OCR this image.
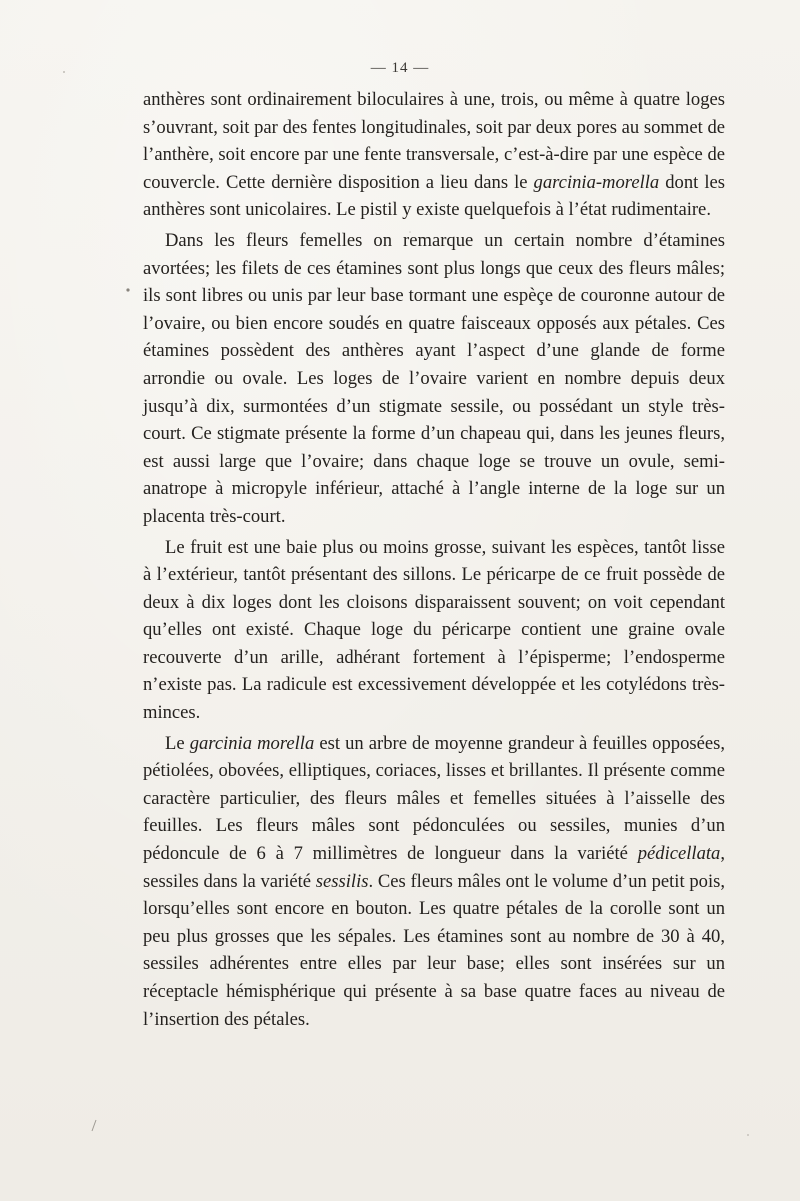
— 14 —

anthères sont ordinairement biloculaires à une, trois, ou même à quatre loges s’ouvrant, soit par des fentes longitudinales, soit par deux pores au sommet de l’anthère, soit encore par une fente transversale, c’est-à-dire par une espèce de couvercle. Cette dernière disposition a lieu dans le garcinia-morella dont les anthères sont unicolaires. Le pistil y existe quelquefois à l’état rudimentaire.

Dans les fleurs femelles on remarque un certain nombre d’étamines avortées; les filets de ces étamines sont plus longs que ceux des fleurs mâles; ils sont libres ou unis par leur base tormant une espèçe de couronne autour de l’ovaire, ou bien encore soudés en quatre faisceaux opposés aux pétales. Ces étamines possèdent des anthères ayant l’aspect d’une glande de forme arrondie ou ovale. Les loges de l’ovaire varient en nombre depuis deux jusqu’à dix, surmontées d’un stigmate sessile, ou possédant un style très-court. Ce stigmate présente la forme d’un chapeau qui, dans les jeunes fleurs, est aussi large que l’ovaire; dans chaque loge se trouve un ovule, semi-anatrope à micropyle inférieur, attaché à l’angle interne de la loge sur un placenta très-court.

Le fruit est une baie plus ou moins grosse, suivant les espèces, tantôt lisse à l’extérieur, tantôt présentant des sillons. Le péricarpe de ce fruit possède de deux à dix loges dont les cloisons disparaissent souvent; on voit cependant qu’elles ont existé. Chaque loge du péricarpe contient une graine ovale recouverte d’un arille, adhérant fortement à l’épisperme; l’endosperme n’existe pas. La radicule est excessivement développée et les cotylédons très-minces.

Le garcinia morella est un arbre de moyenne grandeur à feuilles opposées, pétiolées, obovées, elliptiques, coriaces, lisses et brillantes. Il présente comme caractère particulier, des fleurs mâles et femelles situées à l’aisselle des feuilles. Les fleurs mâles sont pédonculées ou sessiles, munies d’un pédoncule de 6 à 7 millimètres de longueur dans la variété pédicellata, sessiles dans la variété sessilis. Ces fleurs mâles ont le volume d’un petit pois, lorsqu’elles sont encore en bouton. Les quatre pétales de la corolle sont un peu plus grosses que les sépales. Les étamines sont au nombre de 30 à 40, sessiles adhérentes entre elles par leur base; elles sont insérées sur un réceptacle hémisphérique qui présente à sa base quatre faces au niveau de l’insertion des pétales.
